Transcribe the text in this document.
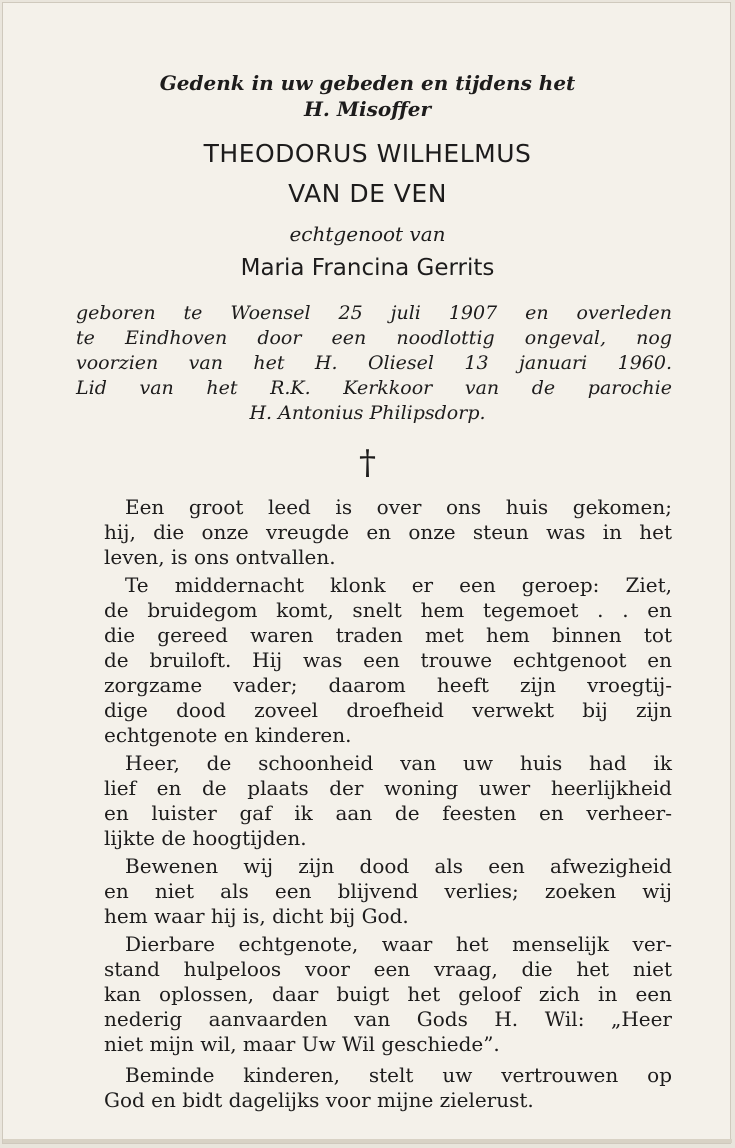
Gedenk in uw gebeden en tijdens het
H. Misoffer
THEODORUS WILHELMUS
VAN DE VEN
echtgenoot van
Maria Francina Gerrits
geboren te Woensel 25 juli 1907 en overleden
te Eindhoven door een noodlottig ongeval, nog
voorzien van het H. Oliesel 13 januari 1960.
Lid van het R.K. Kerkkoor van de parochie
H. Antonius Philipsdorp.
†
Een groot leed is over ons huis gekomen;
hij, die onze vreugde en onze steun was in het
leven, is ons ontvallen.
Te middernacht klonk er een geroep: Ziet,
de bruidegom komt, snelt hem tegemoet . . en
die gereed waren traden met hem binnen tot
de bruiloft. Hij was een trouwe echtgenoot en
zorgzame vader; daarom heeft zijn vroegtij-
dige dood zoveel droefheid verwekt bij zijn
echtgenote en kinderen.
Heer, de schoonheid van uw huis had ik
lief en de plaats der woning uwer heerlijkheid
en luister gaf ik aan de feesten en verheer-
lijkte de hoogtijden.
Bewenen wij zijn dood als een afwezigheid
en niet als een blijvend verlies; zoeken wij
hem waar hij is, dicht bij God.
Dierbare echtgenote, waar het menselijk ver-
stand hulpeloos voor een vraag, die het niet
kan oplossen, daar buigt het geloof zich in een
nederig aanvaarden van Gods H. Wil: „Heer
niet mijn wil, maar Uw Wil geschiede”.
Beminde kinderen, stelt uw vertrouwen op
God en bidt dagelijks voor mijne zielerust.
